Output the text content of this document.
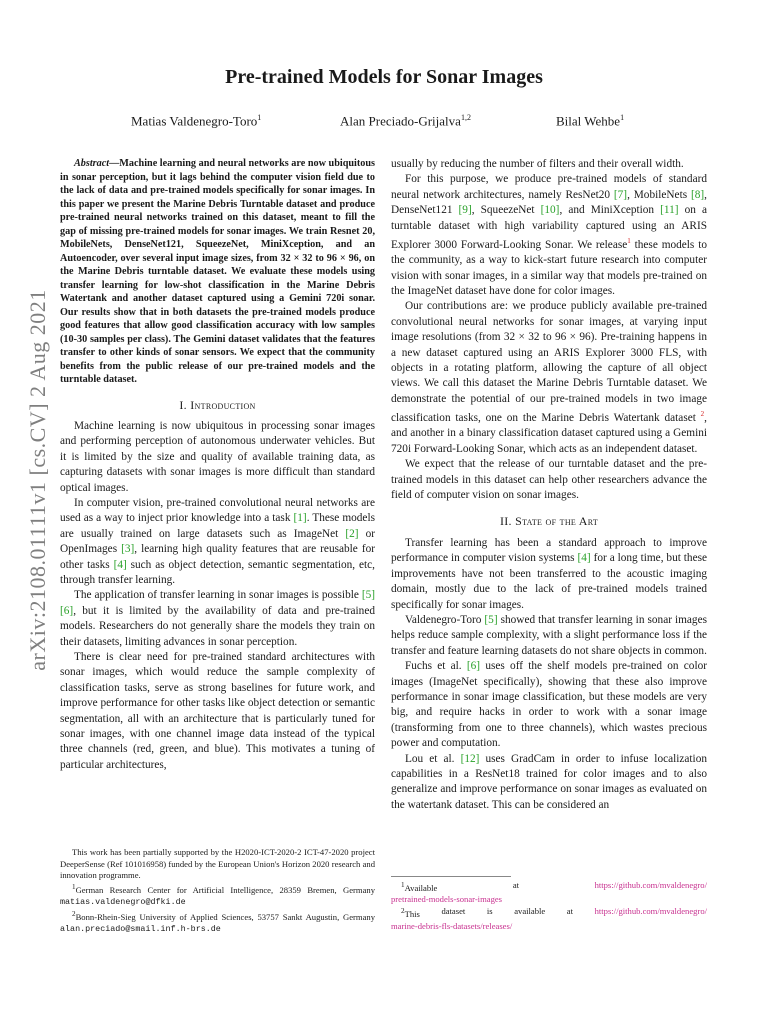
arXiv:2108.01111v1 [cs.CV] 2 Aug 2021
Pre-trained Models for Sonar Images
Matias Valdenegro-Toro$^1$	Alan Preciado-Grijalva$^{1,2}$	Bilal Wehbe$^1$

Abstract—Machine learning and neural networks are now ubiquitous in sonar perception, but it lags behind the computer vision field due to the lack of data and pre-trained models specifically for sonar images. In this paper we present the Marine Debris Turntable dataset and produce pre-trained neural networks trained on this dataset, meant to fill the gap of missing pre-trained models for sonar images. We train Resnet 20, MobileNets, DenseNet121, SqueezeNet, MiniXception, and an Autoencoder, over several input image sizes, from 32 × 32 to 96 × 96, on the Marine Debris turntable dataset. We evaluate these models using transfer learning for low-shot classification in the Marine Debris Watertank and another dataset captured using a Gemini 720i sonar. Our results show that in both datasets the pre-trained models produce good features that allow good classification accuracy with low samples (10-30 samples per class). The Gemini dataset validates that the features transfer to other kinds of sonar sensors. We expect that the community benefits from the public release of our pre-trained models and the turntable dataset.

I. Introduction

Machine learning is now ubiquitous in processing sonar images and performing perception of autonomous underwater vehicles. But it is limited by the size and quality of available training data, as capturing datasets with sonar images is more difficult than standard optical images.

In computer vision, pre-trained convolutional neural networks are used as a way to inject prior knowledge into a task [1]. These models are usually trained on large datasets such as ImageNet [2] or OpenImages [3], learning high quality features that are reusable for other tasks [4] such as object detection, semantic segmentation, etc, through transfer learning.

The application of transfer learning in sonar images is possible [5] [6], but it is limited by the availability of data and pre-trained models. Researchers do not generally share the models they train on their datasets, limiting advances in sonar perception.

There is clear need for pre-trained standard architectures with sonar images, which would reduce the sample complexity of classification tasks, serve as strong baselines for future work, and improve performance for other tasks like object detection or semantic segmentation, all with an architecture that is particularly tuned for sonar images, with one channel image data instead of the typical three channels (red, green, and blue). This motivates a tuning of particular architectures,

This work has been partially supported by the H2020-ICT-2020-2 ICT-47-2020 project DeeperSense (Ref 101016958) funded by the European Union's Horizon 2020 research and innovation programme.

$^1$German Research Center for Artificial Intelligence, 28359 Bremen, Germany matias.valdenegro@dfki.de

$^2$Bonn-Rhein-Sieg University of Applied Sciences, 53757 Sankt Augustin, Germany alan.preciado@smail.inf.h-brs.de

usually by reducing the number of filters and their overall width.

For this purpose, we produce pre-trained models of standard neural network architectures, namely ResNet20 [7], MobileNets [8], DenseNet121 [9], SqueezeNet [10], and MiniXception [11] on a turntable dataset with high variability captured using an ARIS Explorer 3000 Forward-Looking Sonar. We release$^1$ these models to the community, as a way to kick-start future research into computer vision with sonar images, in a similar way that models pre-trained on the ImageNet dataset have done for color images.

Our contributions are: we produce publicly available pre-trained convolutional neural networks for sonar images, at varying input image resolutions (from 32 × 32 to 96 × 96). Pre-training happens in a new dataset captured using an ARIS Explorer 3000 FLS, with objects in a rotating platform, allowing the capture of all object views. We call this dataset the Marine Debris Turntable dataset. We demonstrate the potential of our pre-trained models in two image classification tasks, one on the Marine Debris Watertank dataset $^2$, and another in a binary classification dataset captured using a Gemini 720i Forward-Looking Sonar, which acts as an independent dataset.

We expect that the release of our turntable dataset and the pre-trained models in this dataset can help other researchers advance the field of computer vision on sonar images.

II. State of the Art

Transfer learning has been a standard approach to improve performance in computer vision systems [4] for a long time, but these improvements have not been transferred to the acoustic imaging domain, mostly due to the lack of pre-trained models trained specifically for sonar images.

Valdenegro-Toro [5] showed that transfer learning in sonar images helps reduce sample complexity, with a slight performance loss if the transfer and feature learning datasets do not share objects in common.

Fuchs et al. [6] uses off the shelf models pre-trained on color images (ImageNet specifically), showing that these also improve performance in sonar image classification, but these models are very big, and require hacks in order to work with a sonar image (transforming from one to three channels), which wastes precious power and computation.

Lou et al. [12] uses GradCam in order to infuse localization capabilities in a ResNet18 trained for color images and to also generalize and improve performance on sonar images as evaluated on the watertank dataset. This can be considered an

$^1$Available	at	https://github.com/mvaldenegro/
pretrained-models-sonar-images
$^2$This	dataset	is	available	at	https://github.com/mvaldenegro/
marine-debris-fls-datasets/releases/
